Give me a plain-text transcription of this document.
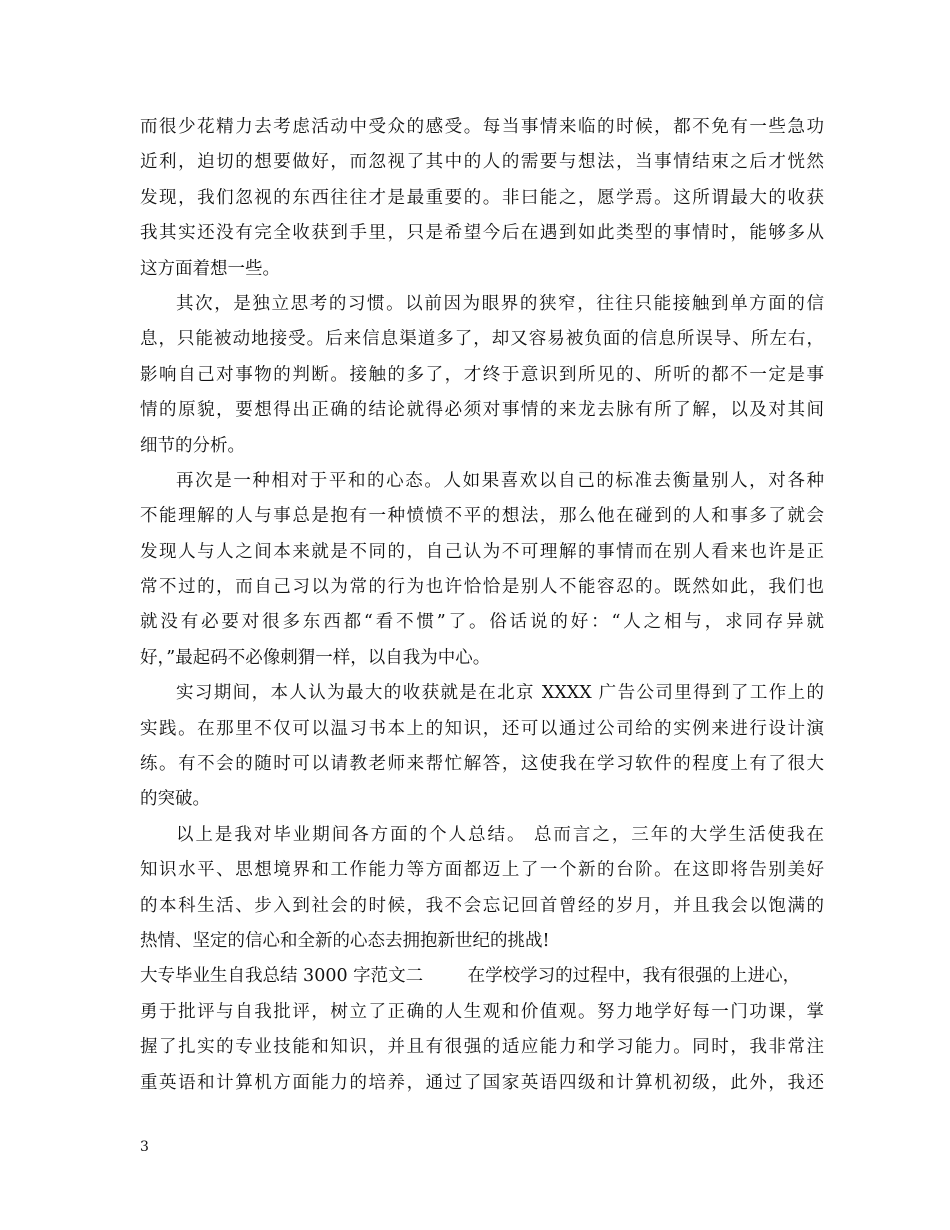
而很少花精力去考虑活动中受众的感受。每当事情来临的时候，都不免有一些急功
近利，迫切的想要做好，而忽视了其中的人的需要与想法，当事情结束之后才恍然
发现，我们忽视的东西往往才是最重要的。非曰能之，愿学焉。这所谓最大的收获
我其实还没有完全收获到手里，只是希望今后在遇到如此类型的事情时，能够多从
这方面着想一些。
其次，是独立思考的习惯。以前因为眼界的狭窄，往往只能接触到单方面的信
息，只能被动地接受。后来信息渠道多了，却又容易被负面的信息所误导、所左右，
影响自己对事物的判断。接触的多了，才终于意识到所见的、所听的都不一定是事
情的原貌，要想得出正确的结论就得必须对事情的来龙去脉有所了解，以及对其间
细节的分析。
再次是一种相对于平和的心态。人如果喜欢以自己的标准去衡量别人，对各种
不能理解的人与事总是抱有一种愤愤不平的想法，那么他在碰到的人和事多了就会
发现人与人之间本来就是不同的，自己认为不可理解的事情而在别人看来也许是正
常不过的，而自己习以为常的行为也许恰恰是别人不能容忍的。既然如此，我们也
就没有必要对很多东西都“看不惯”了。俗话说的好：“人之相与，求同存异就
好，”最起码不必像刺猬一样，以自我为中心。
实习期间，本人认为最大的收获就是在北京 XXXX 广告公司里得到了工作上的
实践。在那里不仅可以温习书本上的知识，还可以通过公司给的实例来进行设计演
练。有不会的随时可以请教老师来帮忙解答，这使我在学习软件的程度上有了很大
的突破。
以上是我对毕业期间各方面的个人总结。 总而言之，三年的大学生活使我在
知识水平、思想境界和工作能力等方面都迈上了一个新的台阶。在这即将告别美好
的本科生活、步入到社会的时候，我不会忘记回首曾经的岁月，并且我会以饱满的
热情、坚定的信心和全新的心态去拥抱新世纪的挑战!
大专毕业生自我总结 3000 字范文二        在学校学习的过程中，我有很强的上进心，
勇于批评与自我批评，树立了正确的人生观和价值观。努力地学好每一门功课，掌
握了扎实的专业技能和知识，并且有很强的适应能力和学习能力。同时，我非常注
重英语和计算机方面能力的培养，通过了国家英语四级和计算机初级，此外，我还
3
